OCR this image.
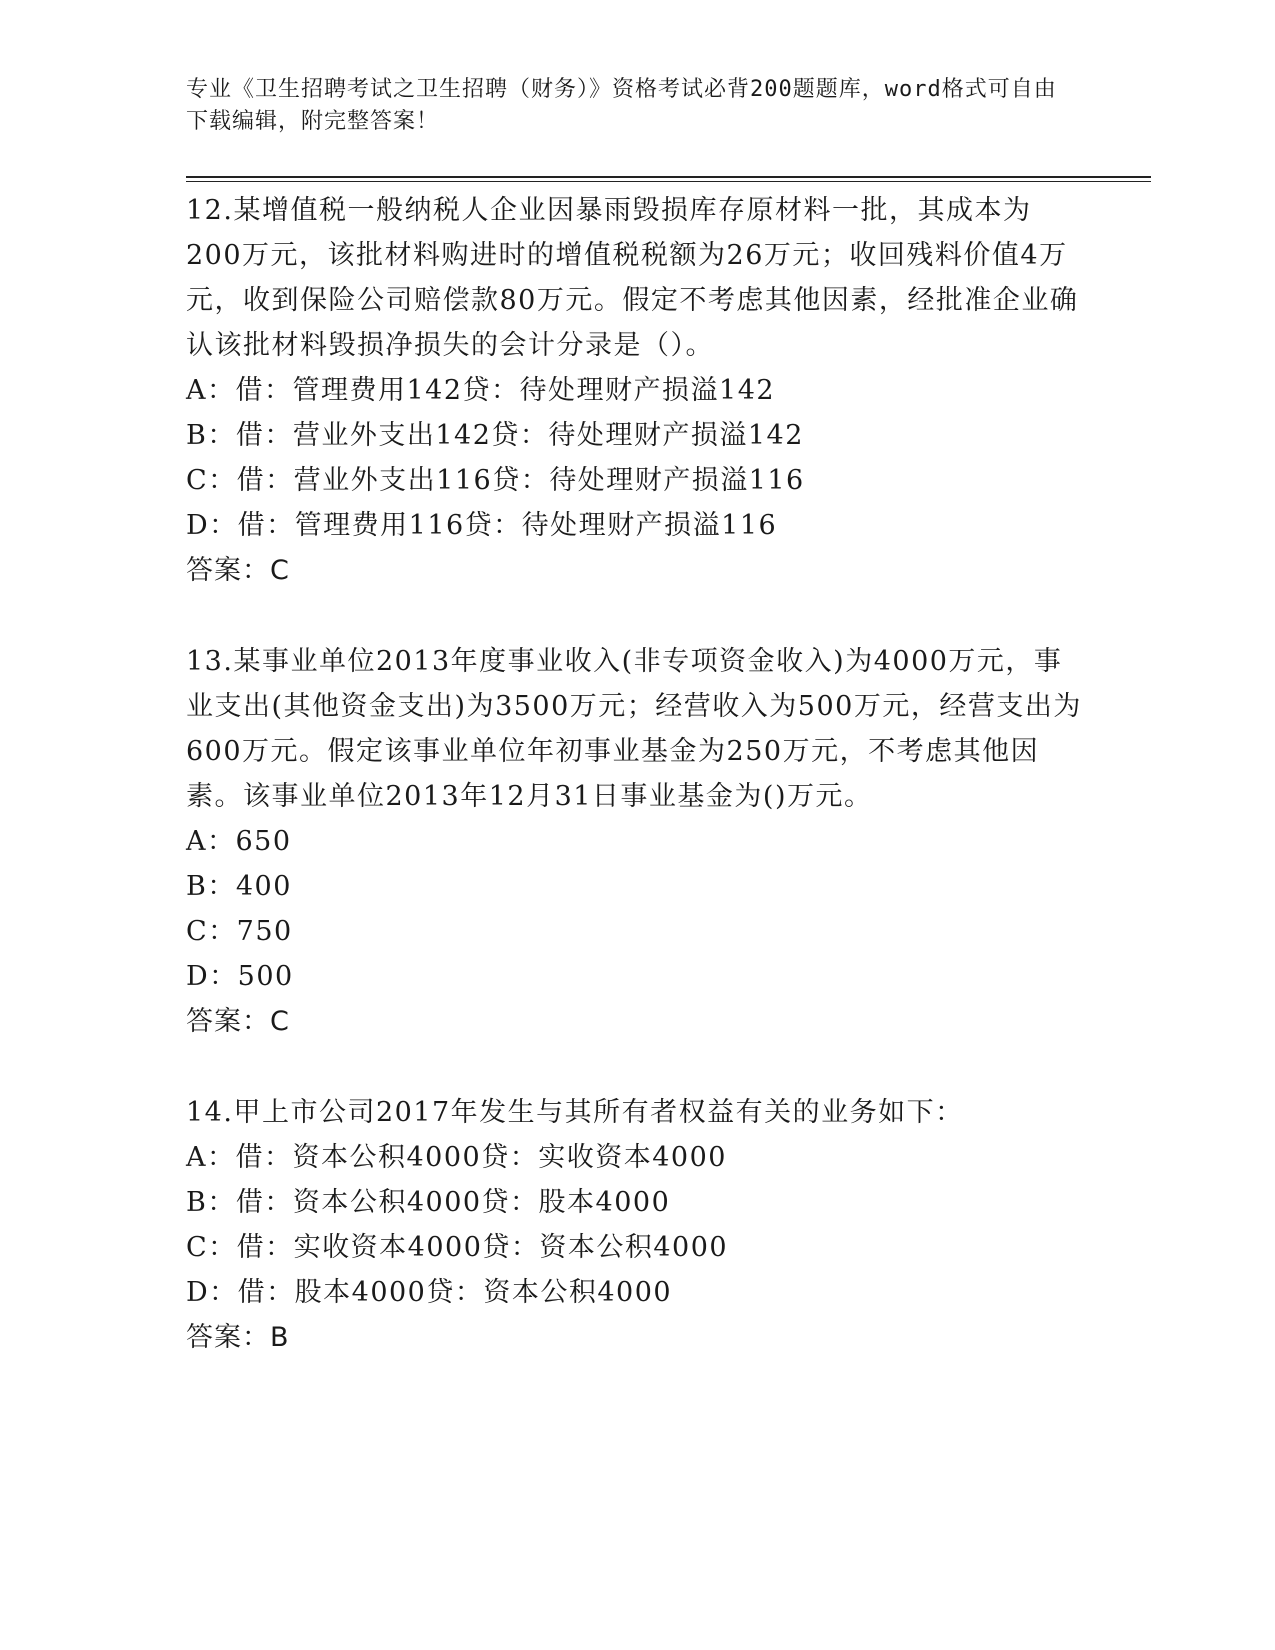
专业《卫生招聘考试之卫生招聘（财务）》资格考试必背200题题库，word格式可自由下载编辑，附完整答案！

12.某增值税一般纳税人企业因暴雨毁损库存原材料一批，其成本为200万元，该批材料购进时的增值税税额为26万元；收回残料价值4万元，收到保险公司赔偿款80万元。假定不考虑其他因素，经批准企业确认该批材料毁损净损失的会计分录是（）。

A：借：管理费用142贷：待处理财产损溢142

B：借：营业外支出142贷：待处理财产损溢142

C：借：营业外支出116贷：待处理财产损溢116

D：借：管理费用116贷：待处理财产损溢116

答案：C

13.某事业单位2013年度事业收入(非专项资金收入)为4000万元，事业支出(其他资金支出)为3500万元；经营收入为500万元，经营支出为600万元。假定该事业单位年初事业基金为250万元，不考虑其他因素。该事业单位2013年12月31日事业基金为()万元。

A：650

B：400

C：750

D：500

答案：C

14.甲上市公司2017年发生与其所有者权益有关的业务如下：

A：借：资本公积4000贷：实收资本4000

B：借：资本公积4000贷：股本4000

C：借：实收资本4000贷：资本公积4000

D：借：股本4000贷：资本公积4000

答案：B
